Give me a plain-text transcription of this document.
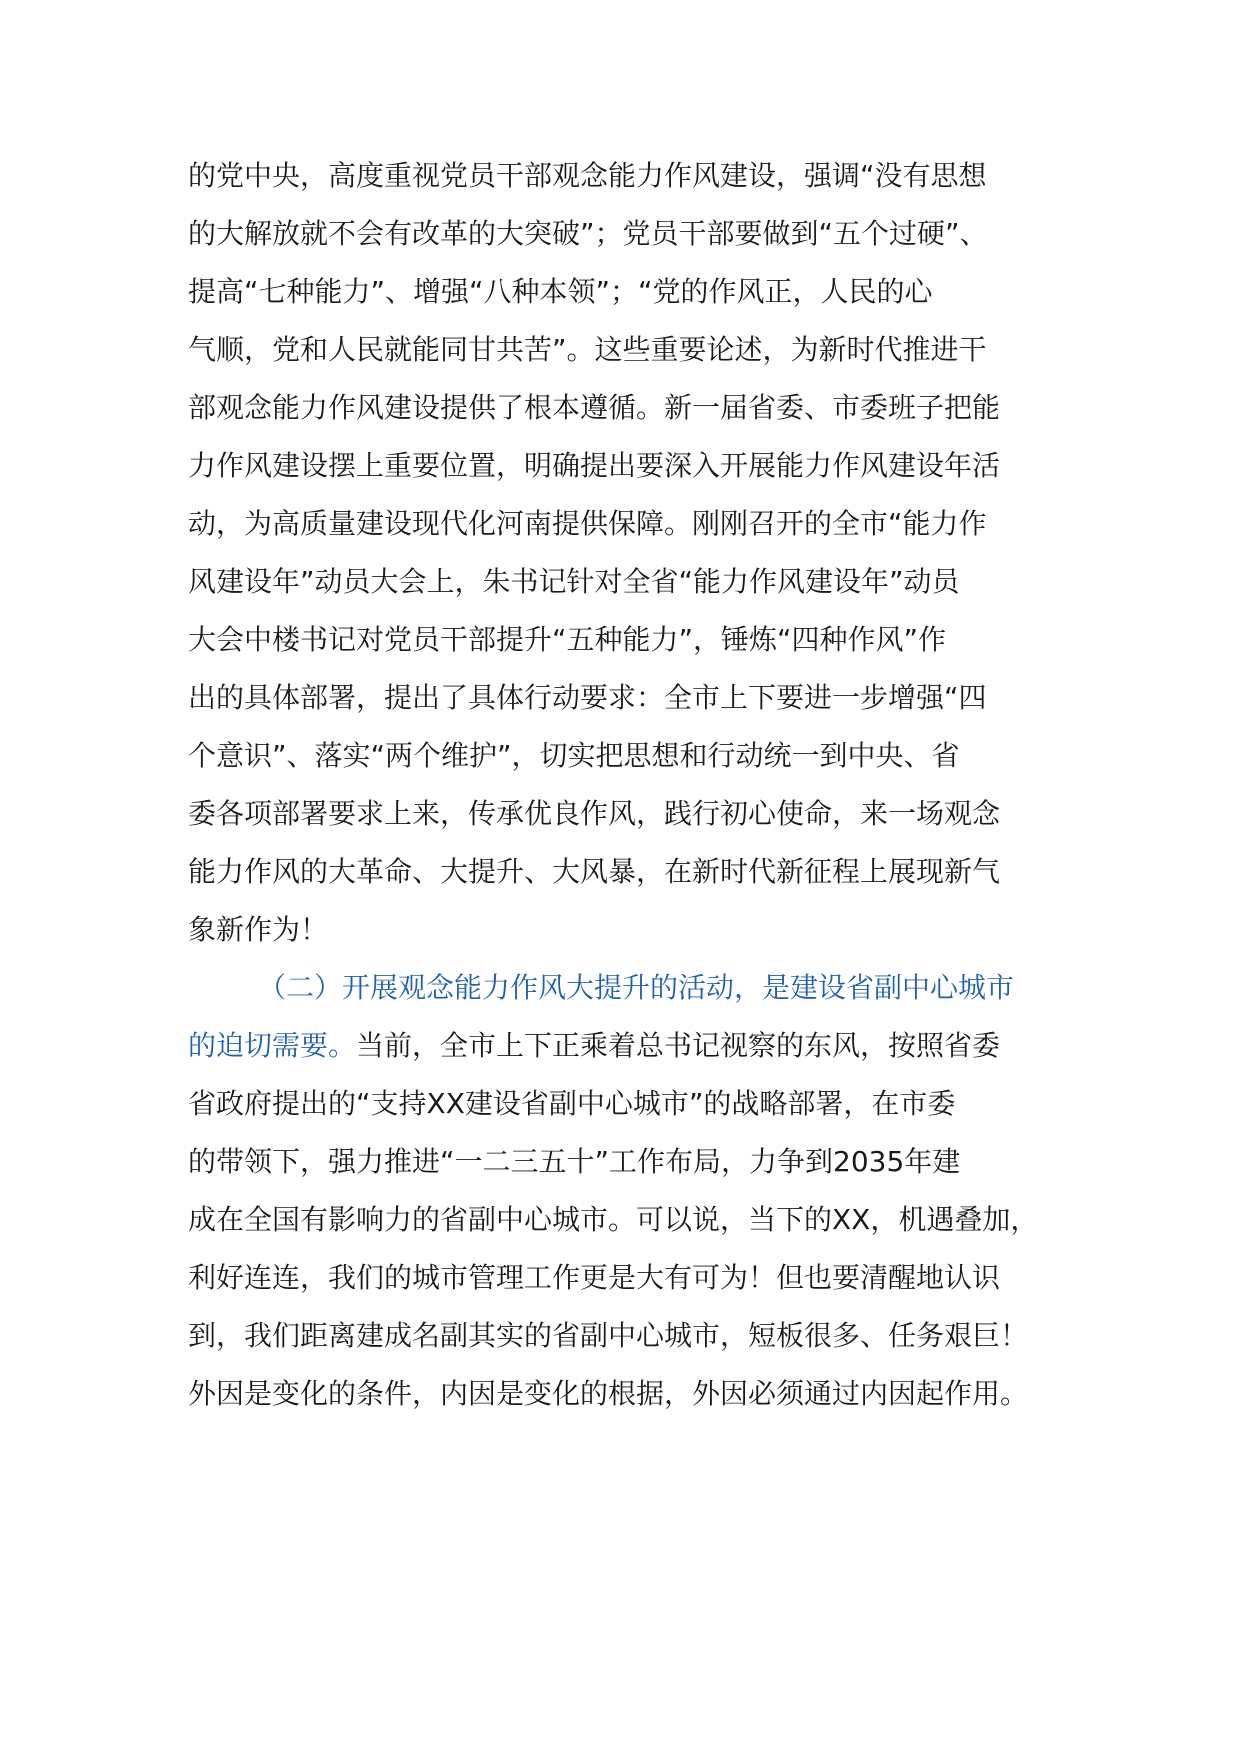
的党中央，高度重视党员干部观念能力作风建设，强调“没有思想
的大解放就不会有改革的大突破”；党员干部要做到“五个过硬”、
提高“七种能力”、增强“八种本领”；“党的作风正，人民的心
气顺，党和人民就能同甘共苦”。这些重要论述，为新时代推进干
部观念能力作风建设提供了根本遵循。新一届省委、市委班子把能
力作风建设摆上重要位置，明确提出要深入开展能力作风建设年活
动，为高质量建设现代化河南提供保障。刚刚召开的全市“能力作
风建设年”动员大会上，朱书记针对全省“能力作风建设年”动员
大会中楼书记对党员干部提升“五种能力”，锤炼“四种作风”作
出的具体部署，提出了具体行动要求：全市上下要进一步增强“四
个意识”、落实“两个维护”，切实把思想和行动统一到中央、省
委各项部署要求上来，传承优良作风，践行初心使命，来一场观念
能力作风的大革命、大提升、大风暴，在新时代新征程上展现新气
象新作为！
（二）开展观念能力作风大提升的活动，是建设省副中心城市
的迫切需要。当前，全市上下正乘着总书记视察的东风，按照省委
省政府提出的“支持XX建设省副中心城市”的战略部署，在市委
的带领下，强力推进“一二三五十”工作布局，力争到2035年建
成在全国有影响力的省副中心城市。可以说，当下的XX，机遇叠加，
利好连连，我们的城市管理工作更是大有可为！但也要清醒地认识
到，我们距离建成名副其实的省副中心城市，短板很多、任务艰巨！
外因是变化的条件，内因是变化的根据，外因必须通过内因起作用。
